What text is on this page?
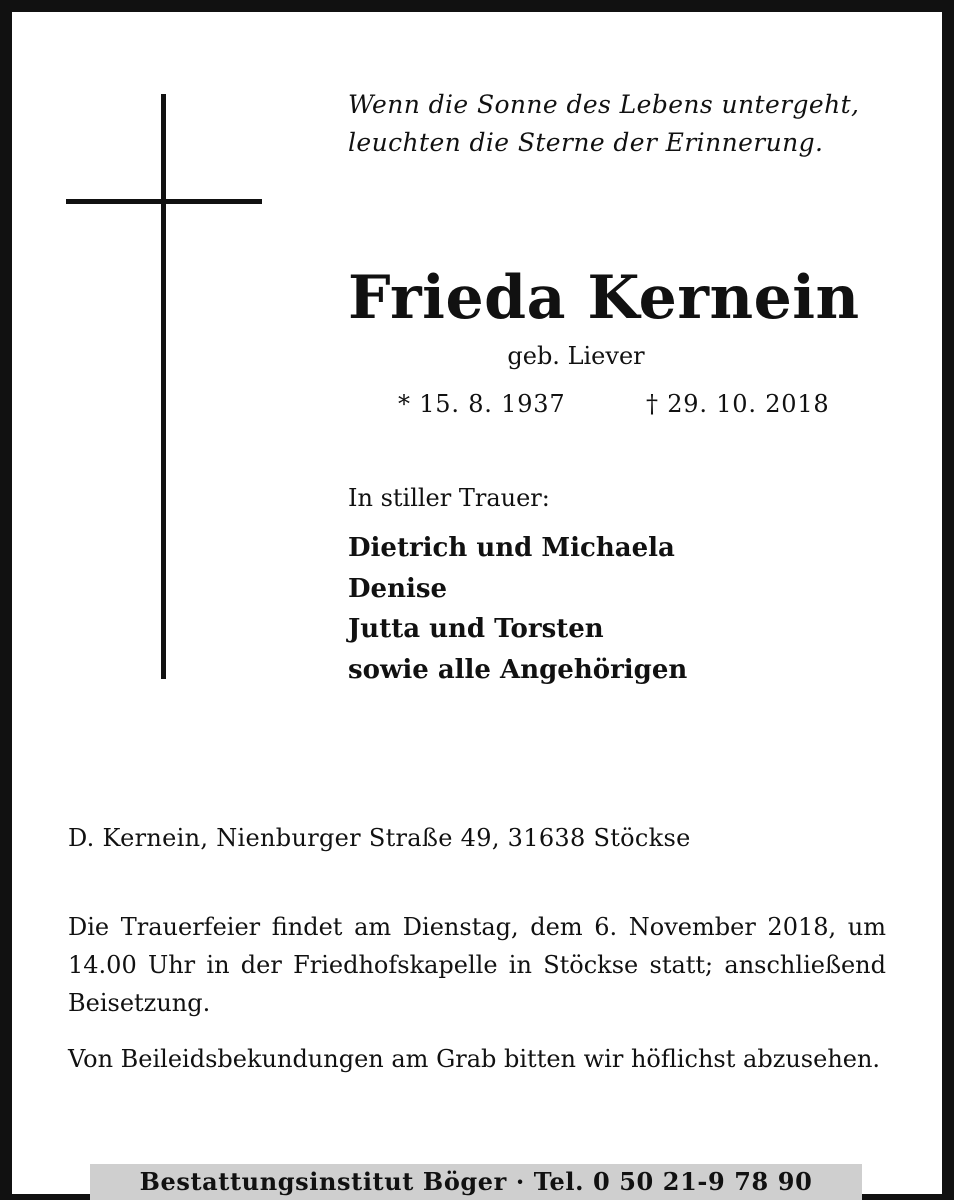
Wenn die Sonne des Lebens untergeht,
leuchten die Sterne der Erinnerung.
Frieda Kernein
geb. Liever
* 15. 8. 1937	† 29. 10. 2018
In stiller Trauer:
Dietrich und Michaela
Denise
Jutta und Torsten
sowie alle Angehörigen
D. Kernein, Nienburger Straße 49, 31638 Stöckse
Die Trauerfeier findet am Dienstag, dem 6. November 2018, um 14.00 Uhr in der Friedhofskapelle in Stöckse statt; anschließend Beisetzung.
Von Beileidsbekundungen am Grab bitten wir höflichst abzusehen.
Bestattungsinstitut Böger · Tel. 0 50 21-9 78 90
